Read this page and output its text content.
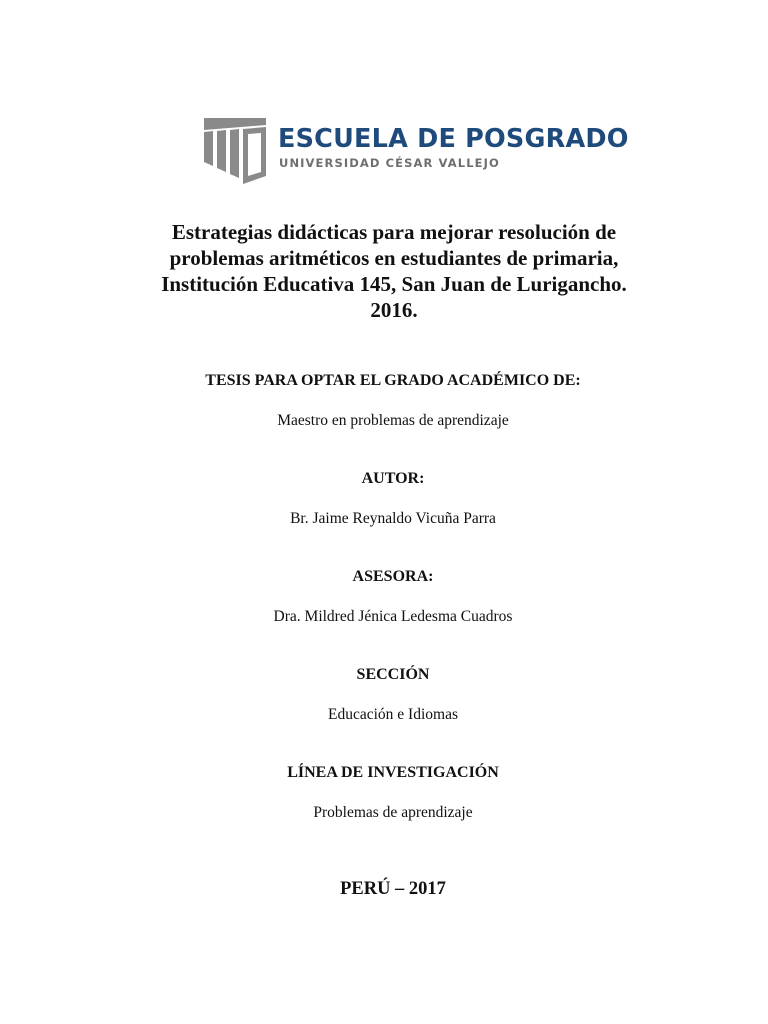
ESCUELA DE POSGRADO
UNIVERSIDAD CÉSAR VALLEJO
Estrategias didácticas para mejorar resolución de
problemas aritméticos en estudiantes de primaria,
Institución Educativa 145, San Juan de Lurigancho.
2016.

TESIS PARA OPTAR EL GRADO ACADÉMICO DE:

Maestro en problemas de aprendizaje

AUTOR:

Br. Jaime Reynaldo Vicuña Parra

ASESORA:

Dra. Mildred Jénica Ledesma Cuadros

SECCIÓN

Educación e Idiomas

LÍNEA DE INVESTIGACIÓN

Problemas de aprendizaje

PERÚ – 2017
